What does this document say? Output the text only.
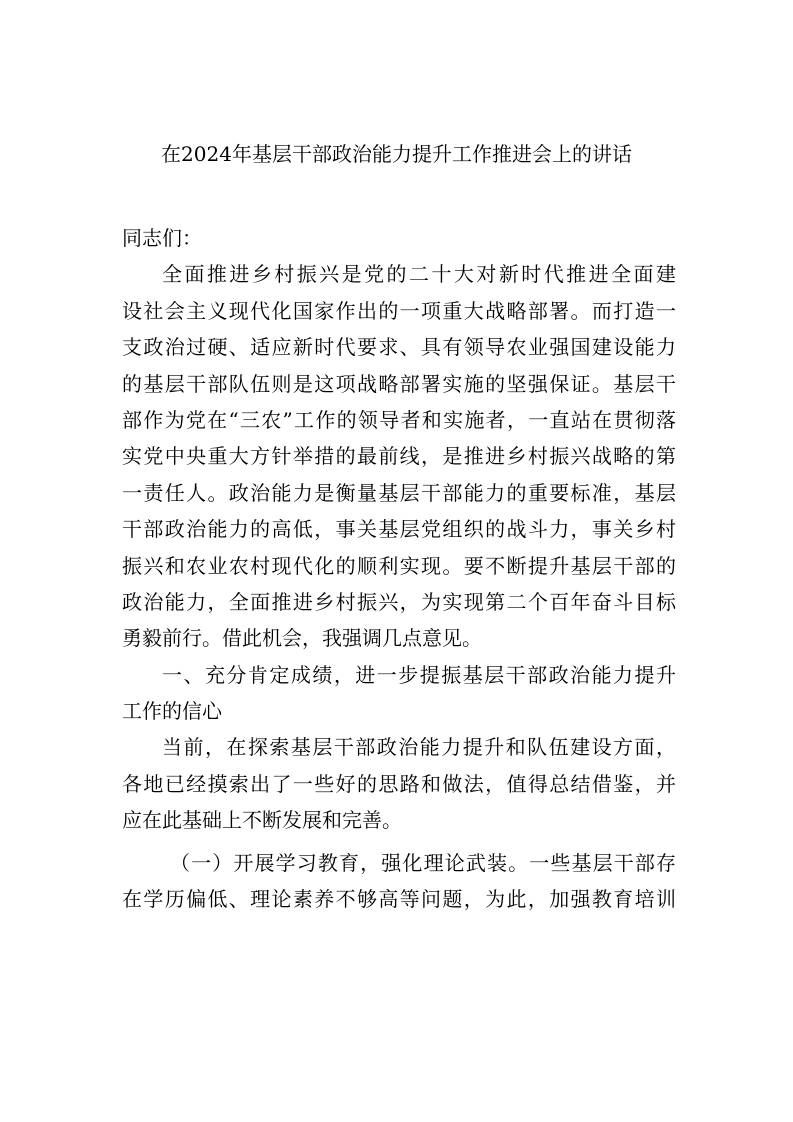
在2024年基层干部政治能力提升工作推进会上的讲话
同志们：
全面推进乡村振兴是党的二十大对新时代推进全面建
设社会主义现代化国家作出的一项重大战略部署。而打造一
支政治过硬、适应新时代要求、具有领导农业强国建设能力
的基层干部队伍则是这项战略部署实施的坚强保证。基层干
部作为党在“三农”工作的领导者和实施者，一直站在贯彻落
实党中央重大方针举措的最前线，是推进乡村振兴战略的第
一责任人。政治能力是衡量基层干部能力的重要标准，基层
干部政治能力的高低，事关基层党组织的战斗力，事关乡村
振兴和农业农村现代化的顺利实现。要不断提升基层干部的
政治能力，全面推进乡村振兴，为实现第二个百年奋斗目标
勇毅前行。借此机会，我强调几点意见。
一、充分肯定成绩，进一步提振基层干部政治能力提升
工作的信心
当前，在探索基层干部政治能力提升和队伍建设方面，
各地已经摸索出了一些好的思路和做法，值得总结借鉴，并
应在此基础上不断发展和完善。
（一）开展学习教育，强化理论武装。一些基层干部存
在学历偏低、理论素养不够高等问题，为此，加强教育培训
